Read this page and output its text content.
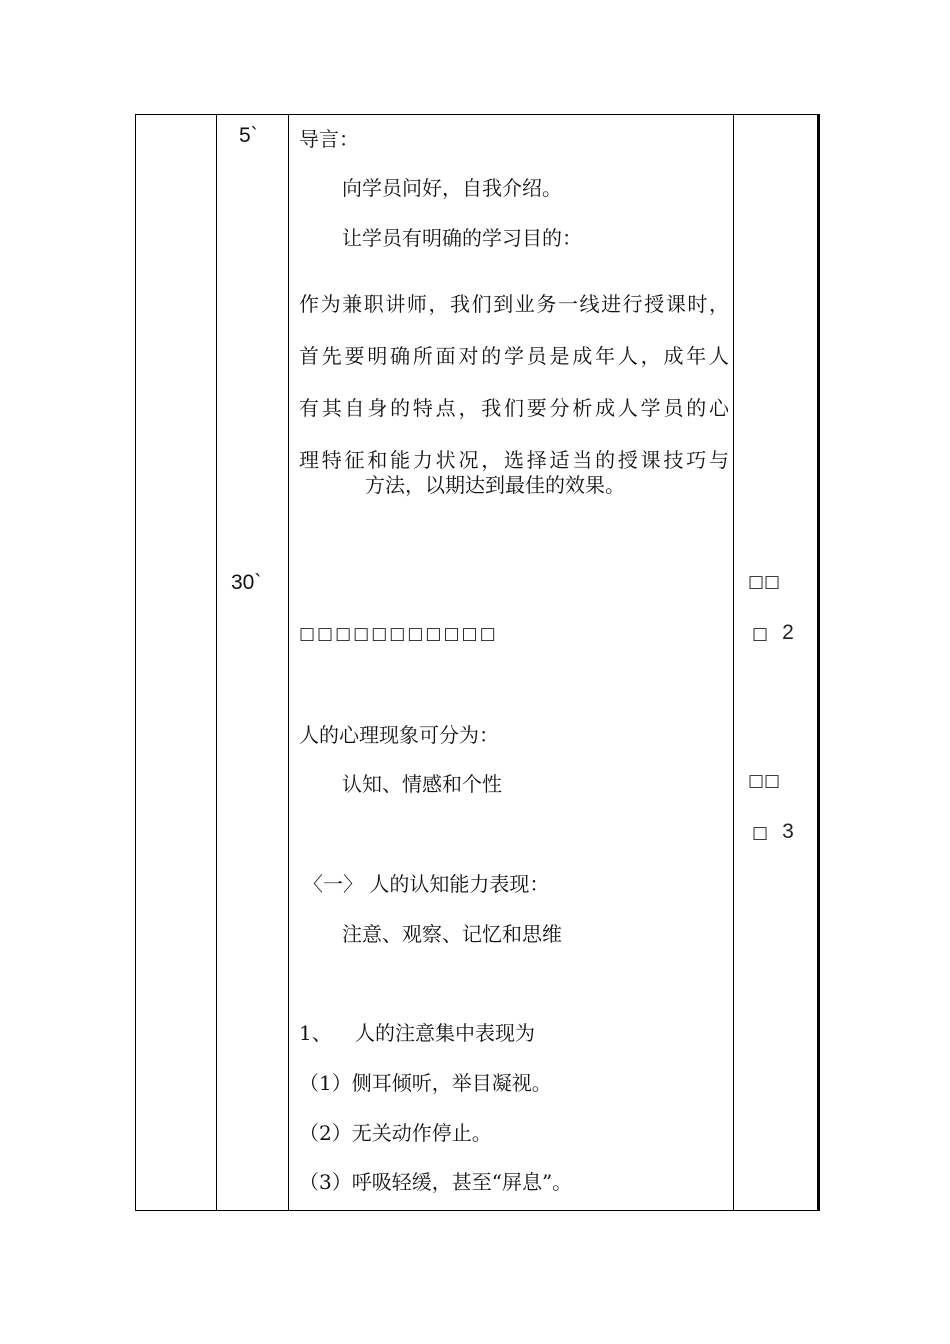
5`
30`
导言：
向学员问好，自我介绍。
让学员有明确的学习目的：
作为兼职讲师，我们到业务一线进行授课时，
首先要明确所面对的学员是成年人，成年人
有其自身的特点，我们要分析成人学员的心
理特征和能力状况，选择适当的授课技巧与
方法，以期达到最佳的效果。
□□□□□□□□□□□
人的心理现象可分为：
认知、情感和个性
〈一〉 人的认知能力表现：
注意、观察、记忆和思维
1、 人的注意集中表现为
（1）侧耳倾听，举目凝视。
（2）无关动作停止。
（3）呼吸轻缓，甚至“屏息”。
□□
□ 2
□□
□ 3
